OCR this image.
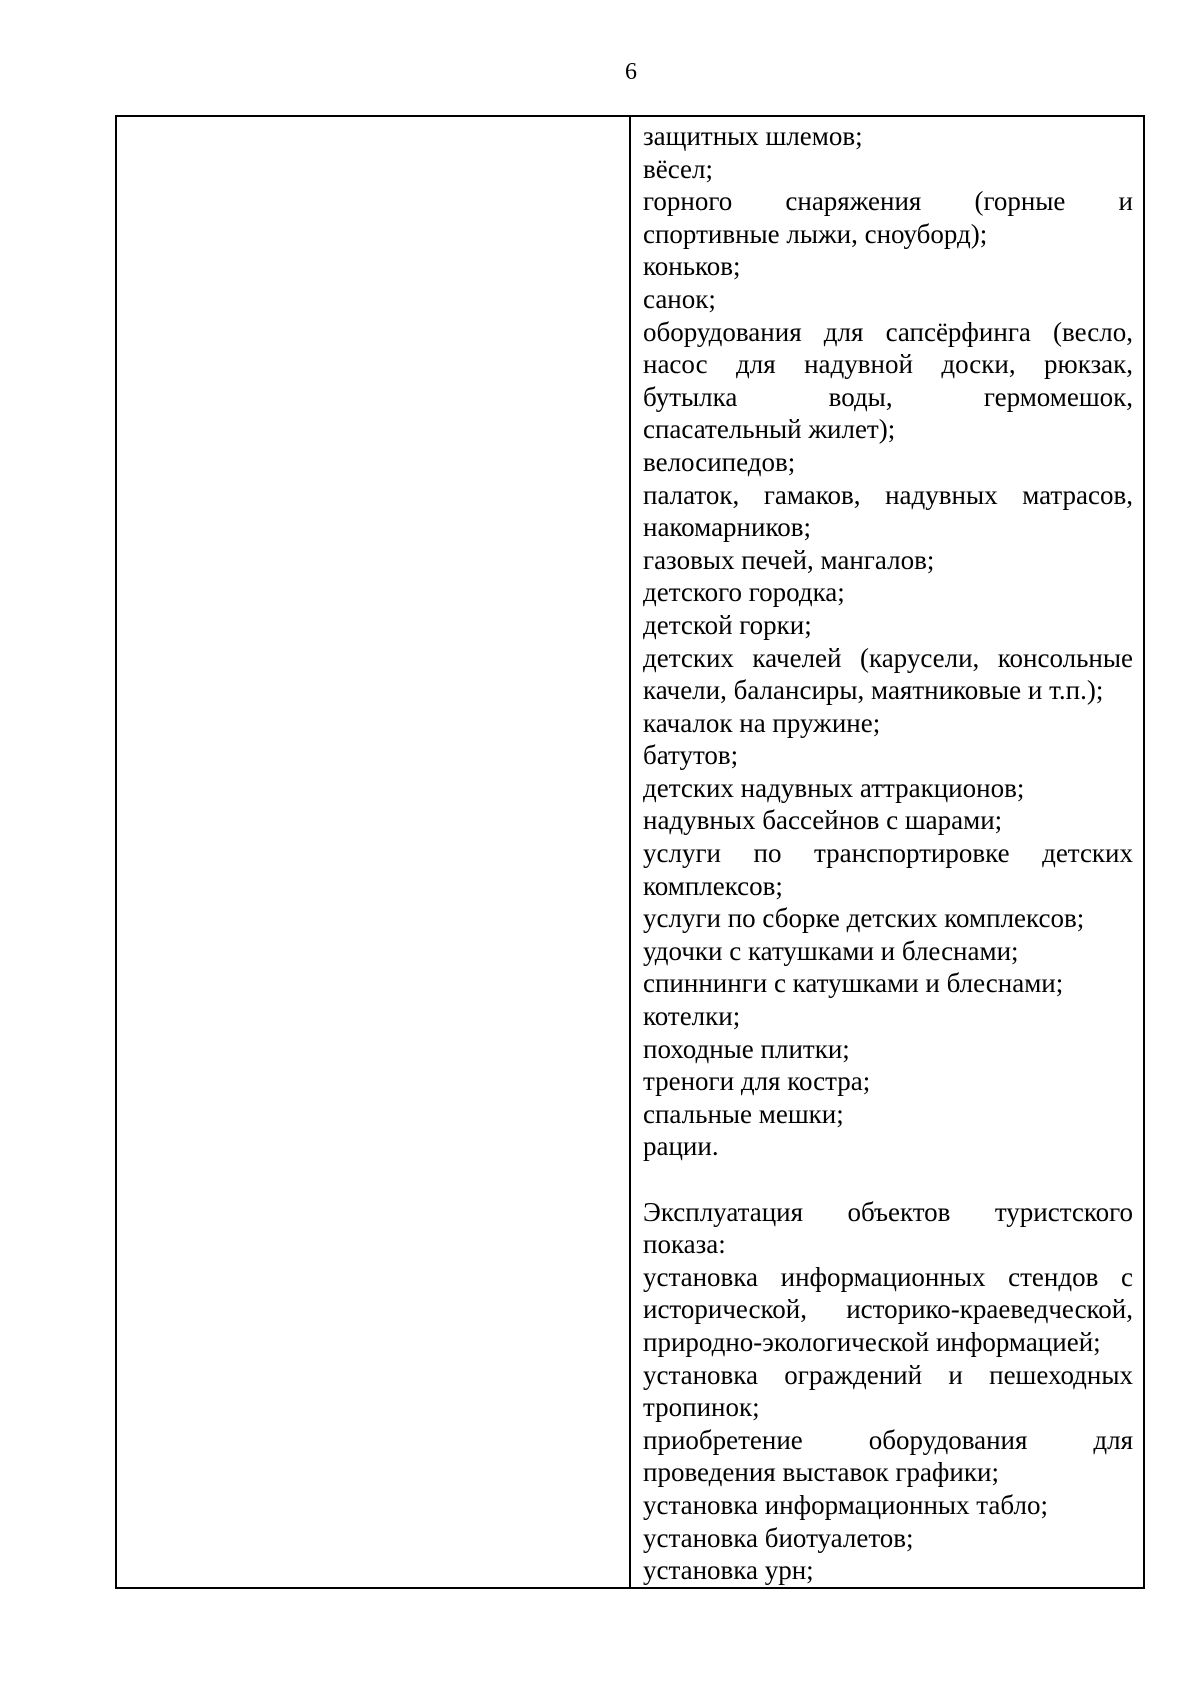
6

защитных шлемов;
вёсел;
горного снаряжения (горные и
спортивные лыжи, сноуборд);
коньков;
санок;
оборудования для сапсёрфинга (весло,
насос для надувной доски, рюкзак,
бутылка воды, гермомешок,
спасательный жилет);
велосипедов;
палаток, гамаков, надувных матрасов,
накомарников;
газовых печей, мангалов;
детского городка;
детской горки;
детских качелей (карусели, консольные
качели, балансиры, маятниковые и т.п.);
качалок на пружине;
батутов;
детских надувных аттракционов;
надувных бассейнов с шарами;
услуги по транспортировке детских
комплексов;
услуги по сборке детских комплексов;
удочки с катушками и блеснами;
спиннинги с катушками и блеснами;
котелки;
походные плитки;
треноги для костра;
спальные мешки;
рации.
Эксплуатация объектов туристского
показа:
установка информационных стендов с
исторической, историко-краеведческой,
природно-экологической информацией;
установка ограждений и пешеходных
тропинок;
приобретение оборудования для
проведения выставок графики;
установка информационных табло;
установка биотуалетов;
установка урн;
